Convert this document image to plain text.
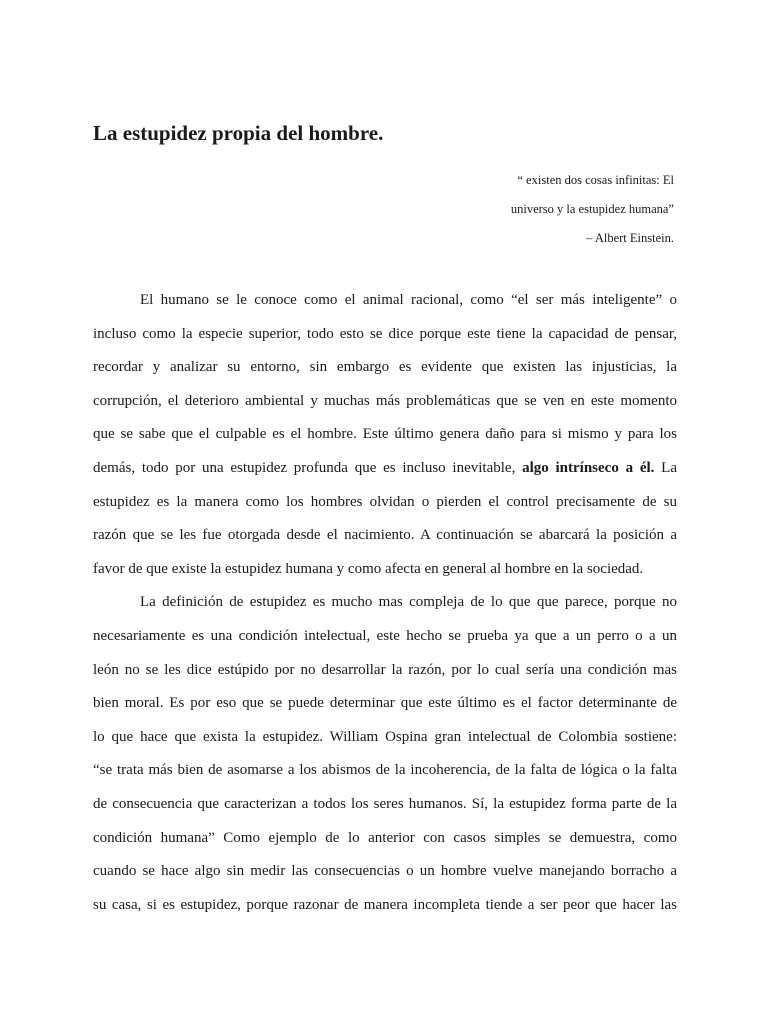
La estupidez propia del hombre.
“ existen dos cosas infinitas: El
universo y la estupidez humana”
– Albert Einstein.
El humano se le conoce como el animal racional, como “el ser más inteligente” o
incluso como la especie superior, todo esto se dice porque este tiene la capacidad de pensar,
recordar y analizar su entorno, sin embargo es evidente que existen las injusticias, la
corrupción, el deterioro ambiental y muchas más problemáticas que se ven en este momento
que se sabe que el culpable es el hombre. Este último genera daño para si mismo y para los
demás, todo por una estupidez profunda que es incluso inevitable, algo intrínseco a él. La
estupidez es la manera como los hombres olvidan o pierden el control precisamente de su
razón que se les fue otorgada desde el nacimiento. A continuación se abarcará la posición a
favor de que existe la estupidez humana y como afecta en general al hombre en la sociedad.
La definición de estupidez es mucho mas compleja de lo que que parece, porque no
necesariamente es una condición intelectual, este hecho se prueba ya que a un perro o a un
león no se les dice estúpido por no desarrollar la razón, por lo cual sería una condición mas
bien moral. Es por eso que se puede determinar que este último es el factor determinante de
lo que hace que exista la estupidez. William Ospina gran intelectual de Colombia sostiene:
“se trata más bien de asomarse a los abismos de la incoherencia, de la falta de lógica o la falta
de consecuencia que caracterizan a todos los seres humanos. Sí, la estupidez forma parte de la
condición humana” Como ejemplo de lo anterior con casos simples se demuestra, como
cuando se hace algo sin medir las consecuencias o un hombre vuelve manejando borracho a
su casa, si es estupidez, porque razonar de manera incompleta tiende a ser peor que hacer las
